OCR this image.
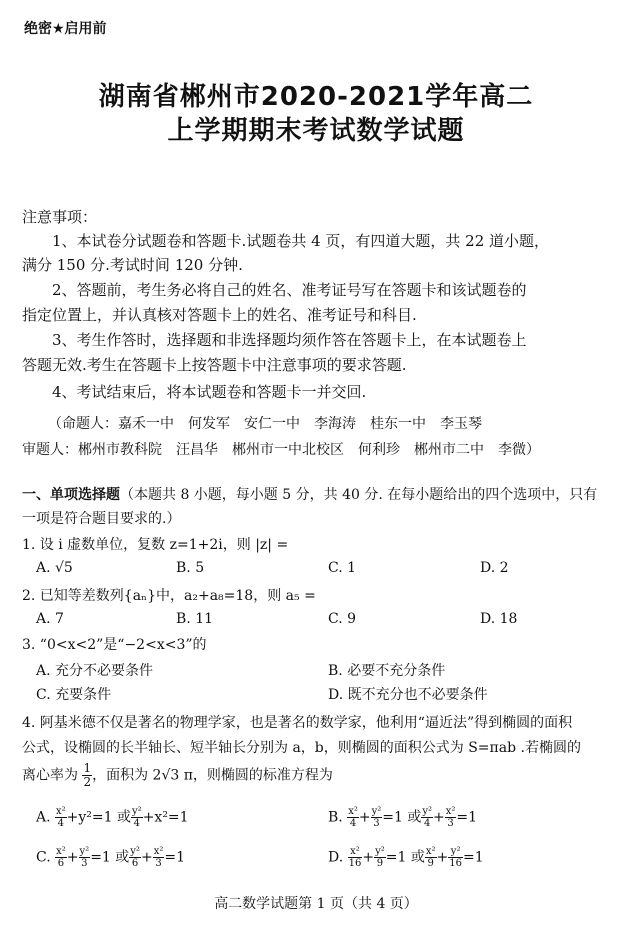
绝密★启用前
湖南省郴州市2020-2021学年高二
上学期期末考试数学试题
注意事项：
1、本试卷分试题卷和答题卡.试题卷共 4 页，有四道大题，共 22 道小题，
满分 150 分.考试时间 120 分钟.
2、答题前，考生务必将自己的姓名、准考证号写在答题卡和该试题卷的
指定位置上，并认真核对答题卡上的姓名、准考证号和科目.
3、考生作答时，选择题和非选择题均须作答在答题卡上，在本试题卷上
答题无效.考生在答题卡上按答题卡中注意事项的要求答题.
4、考试结束后，将本试题卷和答题卡一并交回.
（命题人：嘉禾一中　何发军　安仁一中　李海涛　桂东一中　李玉琴
审题人：郴州市教科院　汪昌华　郴州市一中北校区　何利珍　郴州市二中　李微）
一、单项选择题（本题共 8 小题，每小题 5 分，共 40 分. 在每小题给出的四个选项中，只有
一项是符合题目要求的.）
1. 设 i 虚数单位，复数 z=1+2i，则 |z| =
A. √5	B. 5	C. 1	D. 2
2. 已知等差数列{aₙ}中，a₂+a₈=18，则 a₅ =
A. 7	B. 11	C. 9	D. 18
3. “0<x<2”是“−2<x<3”的
A. 充分不必要条件	B. 必要不充分条件
C. 充要条件	D. 既不充分也不必要条件
4. 阿基米德不仅是著名的物理学家，也是著名的数学家，他利用“逼近法”得到椭圆的面积
公式，设椭圆的长半轴长、短半轴长分别为 a，b，则椭圆的面积公式为 S=πab .若椭圆的
离心率为 $\frac{1}{2}$ ，面积为 2√3 π，则椭圆的标准方程为
A. $\frac{\text{x²}}{4} +y^2=1$ 或 $\frac{\text{y²}}{4} +x^2=1$	B. $\frac{\text{x²}}{4} + \frac{\text{y²}}{3} =1$ 或 $\frac{\text{y²}}{4} + \frac{\text{x²}}{3} =1$
C. $\frac{\text{x²}}{6} + \frac{\text{y²}}{3} =1$ 或 $\frac{\text{y²}}{6} + \frac{\text{x²}}{3} =1$	D. $\frac{\text{x²}}{16} + \frac{\text{y²}}{9} =1$ 或 $\frac{\text{x²}}{9} + \frac{\text{y²}}{16} =1$
高二数学试题第 1 页（共 4 页）
